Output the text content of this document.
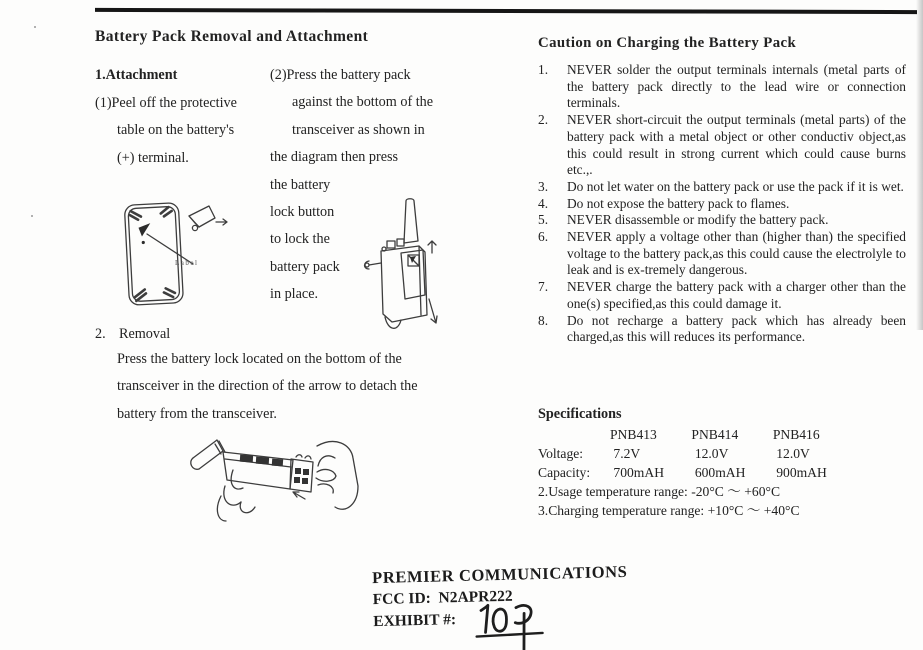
Battery Pack Removal and Attachment
1.Attachment
(1)Peel off the protective
table on the battery's
(+) terminal.
(2)Press the battery pack
against the bottom of the
transceiver as shown in
the diagram then press
the battery
lock button
to lock the
battery pack
in place.
Label
2. Removal
Press the battery lock located on the bottom of the
transceiver in the direction of the arrow to detach the
battery from the transceiver.
Caution on Charging the Battery Pack
1.	NEVER solder the output terminals internals (metal parts of the battery pack directly to the lead wire or connection terminals.
2.	NEVER short-circuit the output terminals (metal parts) of the battery pack with a metal object or other conductiv object,as this could result in strong current which could cause burns etc.,.
3.	Do not let water on the battery pack or use the pack if it is wet.
4.	Do not expose the battery pack to flames.
5.	NEVER disassemble or modify the battery pack.
6.	NEVER apply a voltage other than (higher than) the specified voltage to the battery pack,as this could cause the electrolyle to leak and is ex-tremely dangerous.
7.	NEVER charge the battery pack with a charger other than the one(s) specified,as this could damage it.
8.	Do not recharge a battery pack which has already been charged,as this will reduces its performance.
Specifications
PNB413	PNB414	PNB416
Voltage: 7.2V	12.0V	12.0V
Capacity: 700mAH 600mAH 900mAH
2.Usage temperature range: -20°C ～ +60°C
3.Charging temperature range: +10°C ～ +40°C
PREMIER COMMUNICATIONS
FCC ID: N2APR222
EXHIBIT #:
